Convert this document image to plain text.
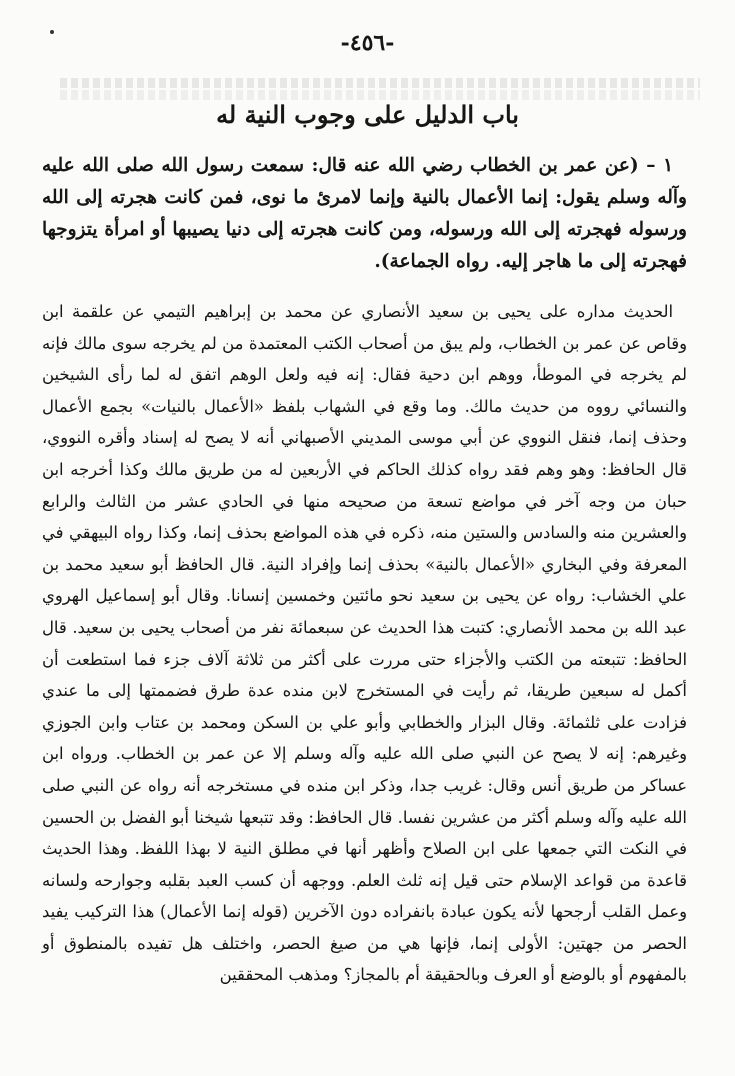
-٤٥٦-
باب الدليل على وجوب النية له

١ – (عن عمر بن الخطاب رضي الله عنه قال: سمعت رسول الله صلى الله عليه وآله وسلم يقول: إنما الأعمال بالنية وإنما لامرئ ما نوى، فمن كانت هجرته إلى الله ورسوله فهجرته إلى الله ورسوله، ومن كانت هجرته إلى دنيا يصيبها أو امرأة يتزوجها فهجرته إلى ما هاجر إليه. رواه الجماعة).

الحديث مداره على يحيى بن سعيد الأنصاري عن محمد بن إبراهيم التيمي عن علقمة ابن وقاص عن عمر بن الخطاب، ولم يبق من أصحاب الكتب المعتمدة من لم يخرجه سوى مالك فإنه لم يخرجه في الموطأ، ووهم ابن دحية فقال: إنه فيه ولعل الوهم اتفق له لما رأى الشيخين والنسائي رووه من حديث مالك. وما وقع في الشهاب بلفظ «الأعمال بالنيات» بجمع الأعمال وحذف إنما، فنقل النووي عن أبي موسى المديني الأصبهاني أنه لا يصح له إسناد وأقره النووي، قال الحافظ: وهو وهم فقد رواه كذلك الحاكم في الأربعين له من طريق مالك وكذا أخرجه ابن حبان من وجه آخر في مواضع تسعة من صحيحه منها في الحادي عشر من الثالث والرابع والعشرين منه والسادس والستين منه، ذكره في هذه المواضع بحذف إنما، وكذا رواه البيهقي في المعرفة وفي البخاري «الأعمال بالنية» بحذف إنما وإفراد النية. قال الحافظ أبو سعيد محمد بن علي الخشاب: رواه عن يحيى بن سعيد نحو مائتين وخمسين إنسانا. وقال أبو إسماعيل الهروي عبد الله بن محمد الأنصاري: كتبت هذا الحديث عن سبعمائة نفر من أصحاب يحيى بن سعيد. قال الحافظ: تتبعته من الكتب والأجزاء حتى مررت على أكثر من ثلاثة آلاف جزء فما استطعت أن أكمل له سبعين طريقا، ثم رأيت في المستخرج لابن منده عدة طرق فضممتها إلى ما عندي فزادت على ثلثمائة. وقال البزار والخطابي وأبو علي بن السكن ومحمد بن عتاب وابن الجوزي وغيرهم: إنه لا يصح عن النبي صلى الله عليه وآله وسلم إلا عن عمر بن الخطاب. ورواه ابن عساكر من طريق أنس وقال: غريب جدا، وذكر ابن منده في مستخرجه أنه رواه عن النبي صلى الله عليه وآله وسلم أكثر من عشرين نفسا. قال الحافظ: وقد تتبعها شيخنا أبو الفضل بن الحسين في النكت التي جمعها على ابن الصلاح وأظهر أنها في مطلق النية لا بهذا اللفظ. وهذا الحديث قاعدة من قواعد الإسلام حتى قيل إنه ثلث العلم. ووجهه أن كسب العبد بقلبه وجوارحه ولسانه وعمل القلب أرجحها لأنه يكون عبادة بانفراده دون الآخرين (قوله إنما الأعمال) هذا التركيب يفيد الحصر من جهتين: الأولى إنما، فإنها هي من صيغ الحصر، واختلف هل تفيده بالمنطوق أو بالمفهوم أو بالوضع أو العرف وبالحقيقة أم بالمجاز؟ ومذهب المحققين
